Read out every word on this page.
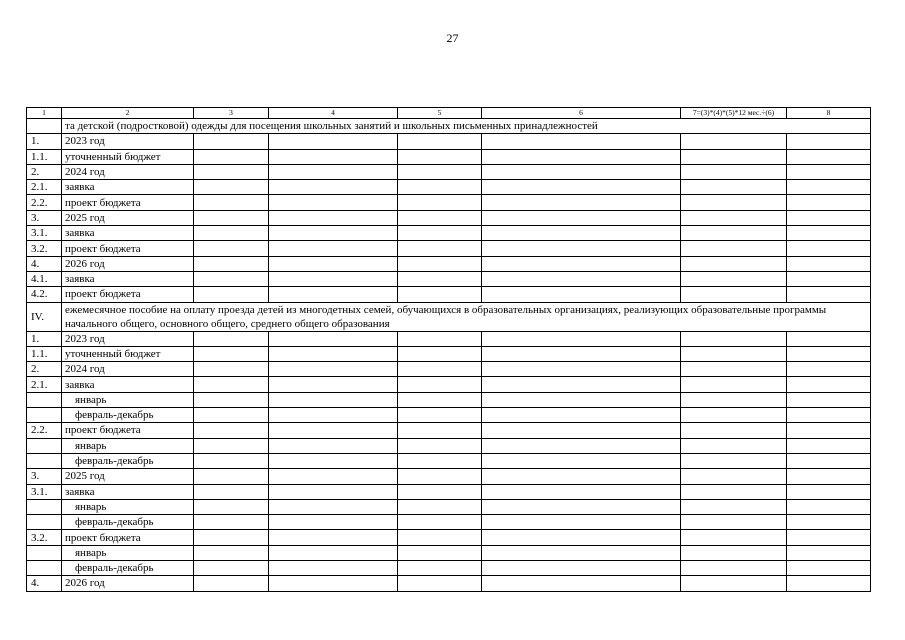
27
1	2	3	4	5	6	7=(3)*(4)*(5)*12 мес.÷(6)	8
	та детской (подростковой) одежды для посещения школьных занятий и школьных письменных принадлежностей						
1.	2023 год						
1.1.	уточненный бюджет						
2.	2024 год						
2.1.	заявка						
2.2.	проект бюджета						
3.	2025 год						
3.1.	заявка						
3.2.	проект бюджета						
4.	2026 год						
4.1.	заявка						
4.2.	проект бюджета						
IV.	ежемесячное пособие на оплату проезда детей из многодетных семей, обучающихся в образовательных организациях, реализующих образовательные программы начального общего, основного общего, среднего общего образования						
1.	2023 год						
1.1.	уточненный бюджет						
2.	2024 год						
2.1.	заявка						
	январь						
	февраль-декабрь						
2.2.	проект бюджета						
	январь						
	февраль-декабрь						
3.	2025 год						
3.1.	заявка						
	январь						
	февраль-декабрь						
3.2.	проект бюджета						
	январь						
	февраль-декабрь						
4.	2026 год						
